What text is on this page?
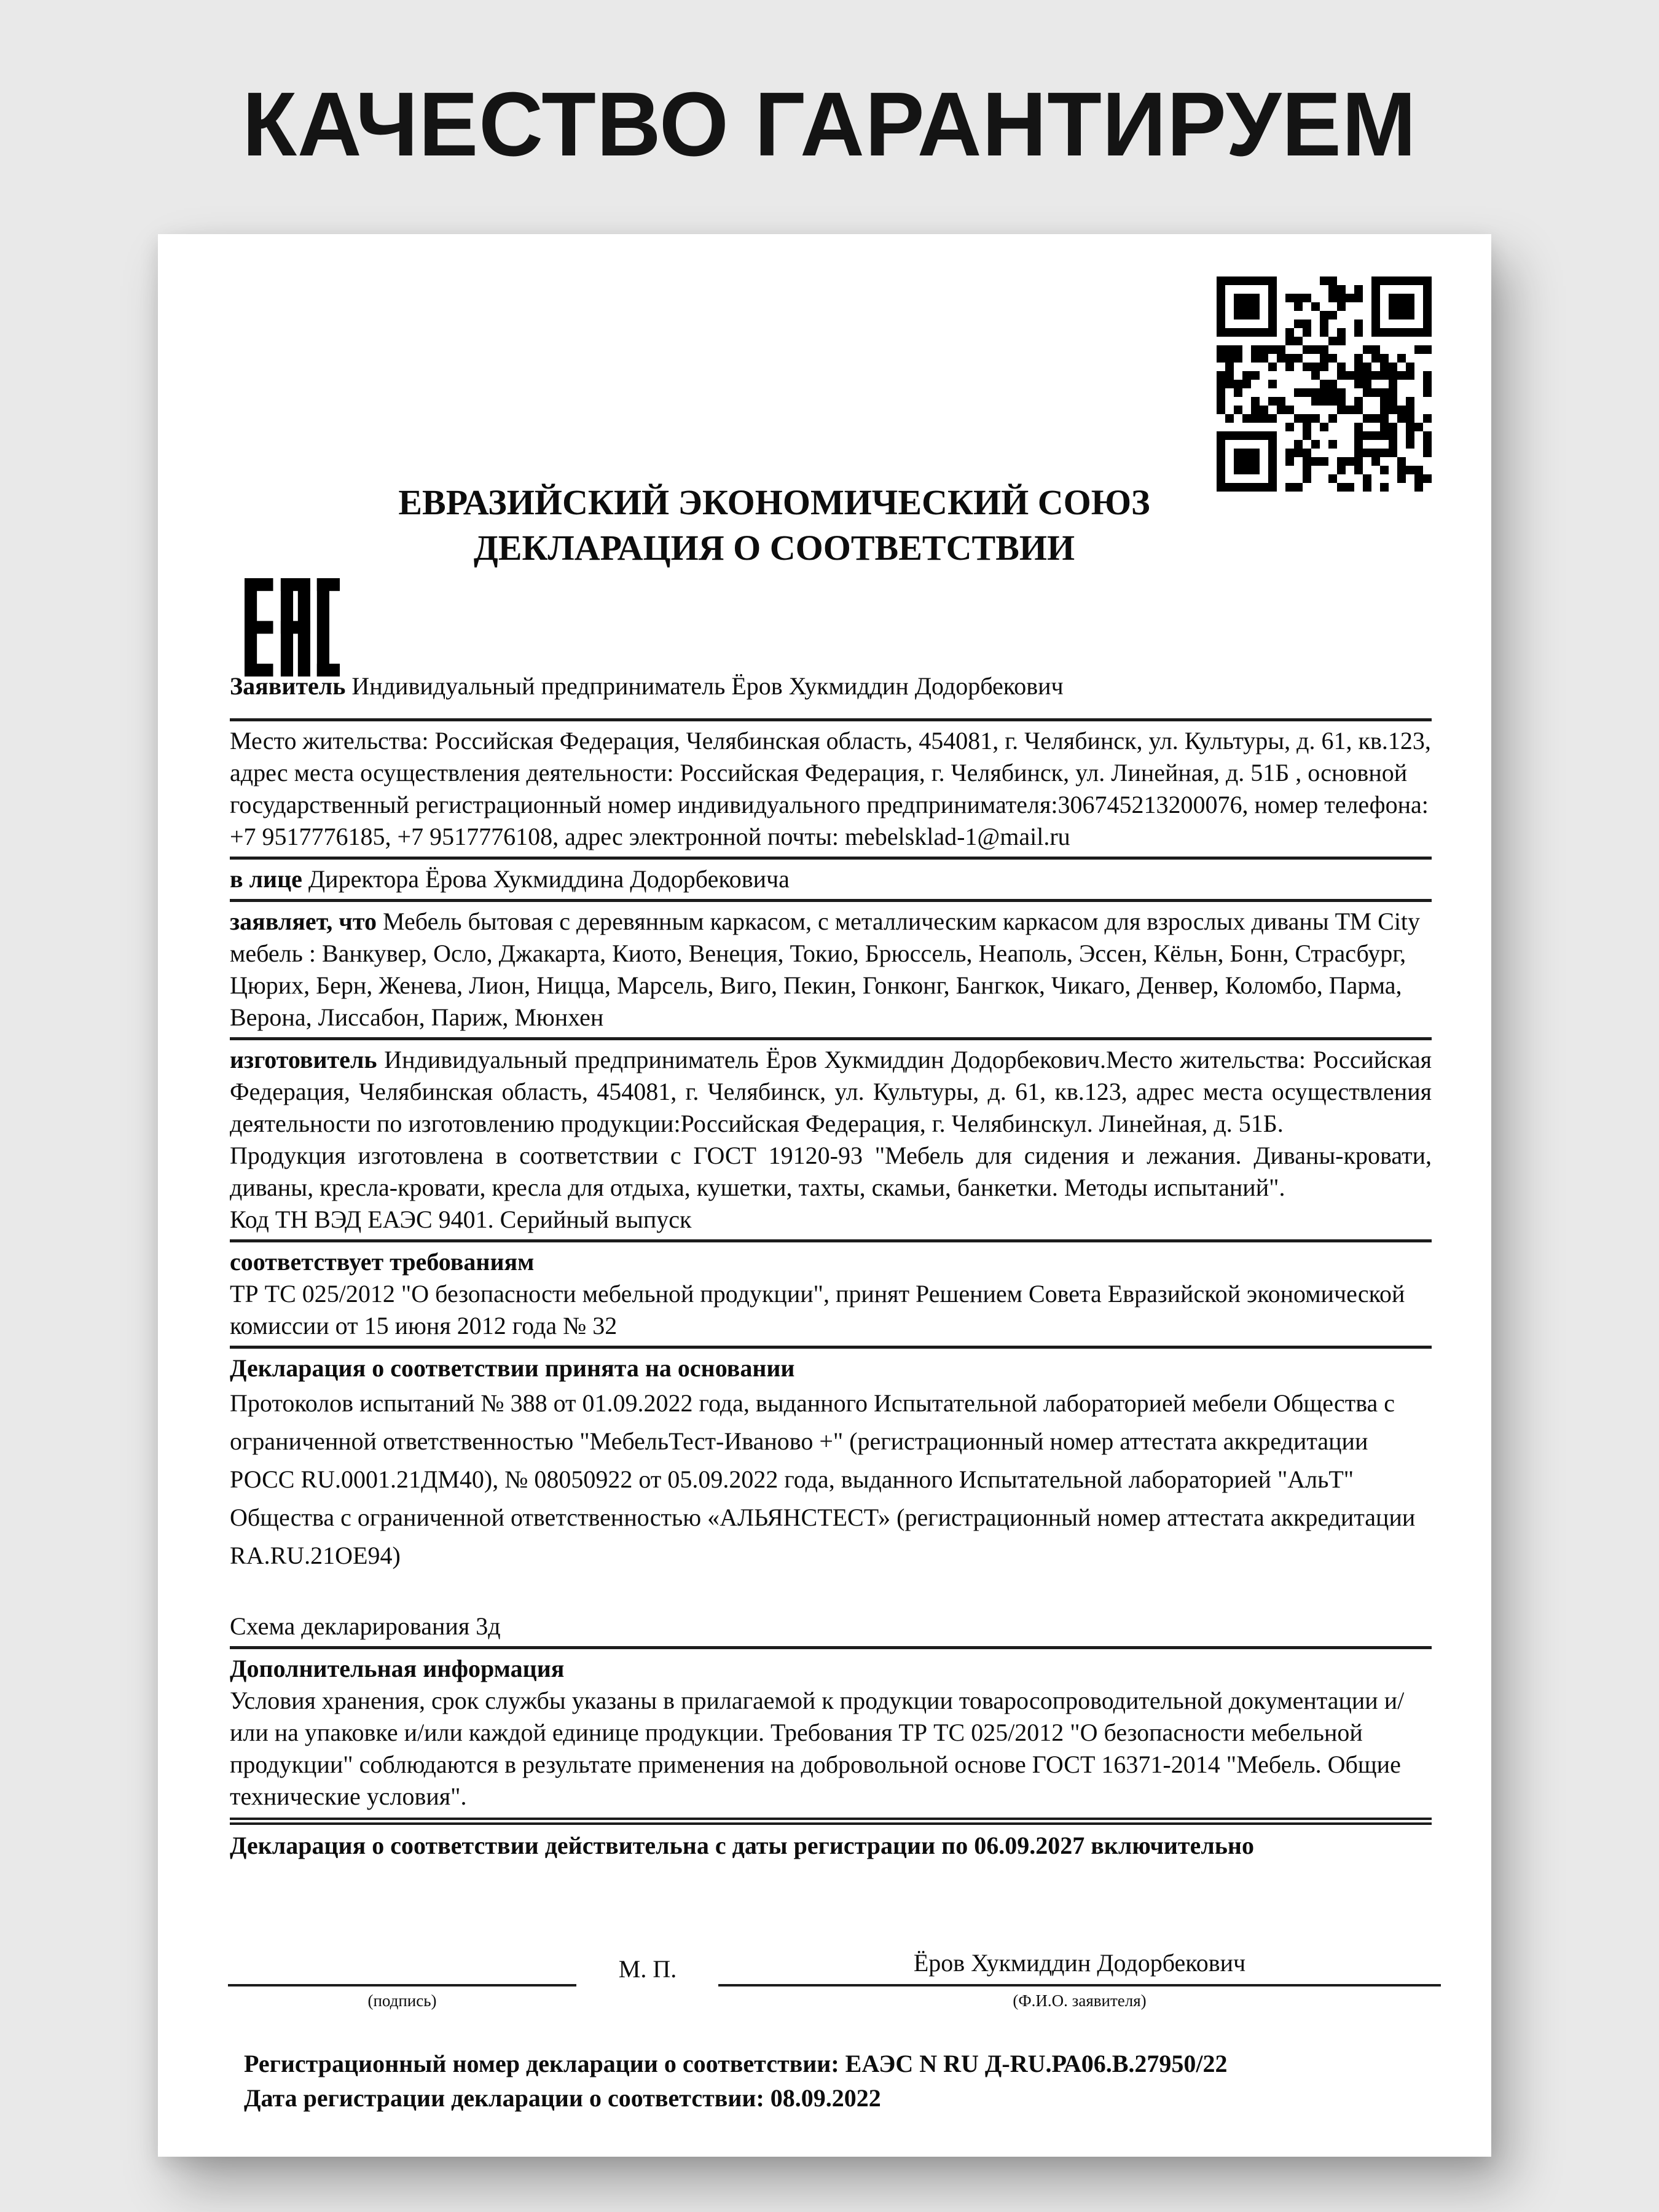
КАЧЕСТВО ГАРАНТИРУЕМ
ЕВРАЗИЙСКИЙ ЭКОНОМИЧЕСКИЙ СОЮЗ
ДЕКЛАРАЦИЯ О СООТВЕТСТВИИ

Заявитель Индивидуальный предприниматель Ёров Хукмиддин Додорбекович

Место жительства: Российская Федерация, Челябинская область, 454081, г. Челябинск, ул. Культуры, д. 61, кв.123, адрес места осуществления деятельности: Российская Федерация, г. Челябинск, ул. Линейная, д. 51Б , основной государственный регистрационный номер индивидуального предпринимателя:306745213200076, номер телефона: +7 9517776185, +7 9517776108, адрес электронной почты: mebelsklad-1@mail.ru

в лице Директора Ёрова Хукмиддина Додорбековича

заявляет, что Мебель бытовая с деревянным каркасом, с металлическим каркасом для взрослых диваны ТМ City мебель : Ванкувер, Осло, Джакарта, Киото, Венеция, Токио, Брюссель, Неаполь, Эссен, Кёльн, Бонн, Страсбург, Цюрих, Берн, Женева, Лион, Ницца, Марсель, Виго, Пекин, Гонконг, Бангкок, Чикаго, Денвер, Коломбо, Парма, Верона, Лиссабон, Париж, Мюнхен

изготовитель Индивидуальный предприниматель Ёров Хукмиддин Додорбекович.Место жительства: Российская Федерация, Челябинская область, 454081, г. Челябинск, ул. Культуры, д. 61, кв.123, адрес места осуществления деятельности по изготовлению продукции:Российская Федерация, г. Челябинскул. Линейная, д. 51Б.

Продукция изготовлена в соответствии с ГОСТ 19120-93 "Мебель для сидения и лежания. Диваны-кровати, диваны, кресла-кровати, кресла для отдыха, кушетки, тахты, скамьи, банкетки. Методы испытаний".

Код ТН ВЭД ЕАЭС 9401. Серийный выпуск

соответствует требованиям

ТР ТС 025/2012 "О безопасности мебельной продукции", принят Решением Совета Евразийской экономической комиссии от 15 июня 2012 года № 32

Декларация о соответствии принята на основании

Протоколов испытаний № 388 от 01.09.2022 года, выданного Испытательной лабораторией мебели Общества с ограниченной ответственностью "МебельТест-Иваново +" (регистрационный номер аттестата аккредитации РОСС RU.0001.21ДМ40), № 08050922 от 05.09.2022 года, выданного Испытательной лабораторией "АльТ" Общества с ограниченной ответственностью «АЛЬЯНСТЕСТ» (регистрационный номер аттестата аккредитации RA.RU.21ОЕ94)

Схема декларирования 3д

Дополнительная информация

Условия хранения, срок службы указаны в прилагаемой к продукции товаросопроводительной документации и/или на упаковке и/или каждой единице продукции. Требования ТР ТС 025/2012 "О безопасности мебельной продукции" соблюдаются в результате применения на добровольной основе ГОСТ 16371-2014 "Мебель. Общие технические условия".

Декларация о соответствии действительна с даты регистрации по 06.09.2027 включительно

М. П.	Ёров Хукмиддин Додорбекович
(подпись)	(Ф.И.О. заявителя)
Регистрационный номер декларации о соответствии: ЕАЭС N RU Д-RU.РА06.В.27950/22
Дата регистрации декларации о соответствии: 08.09.2022
